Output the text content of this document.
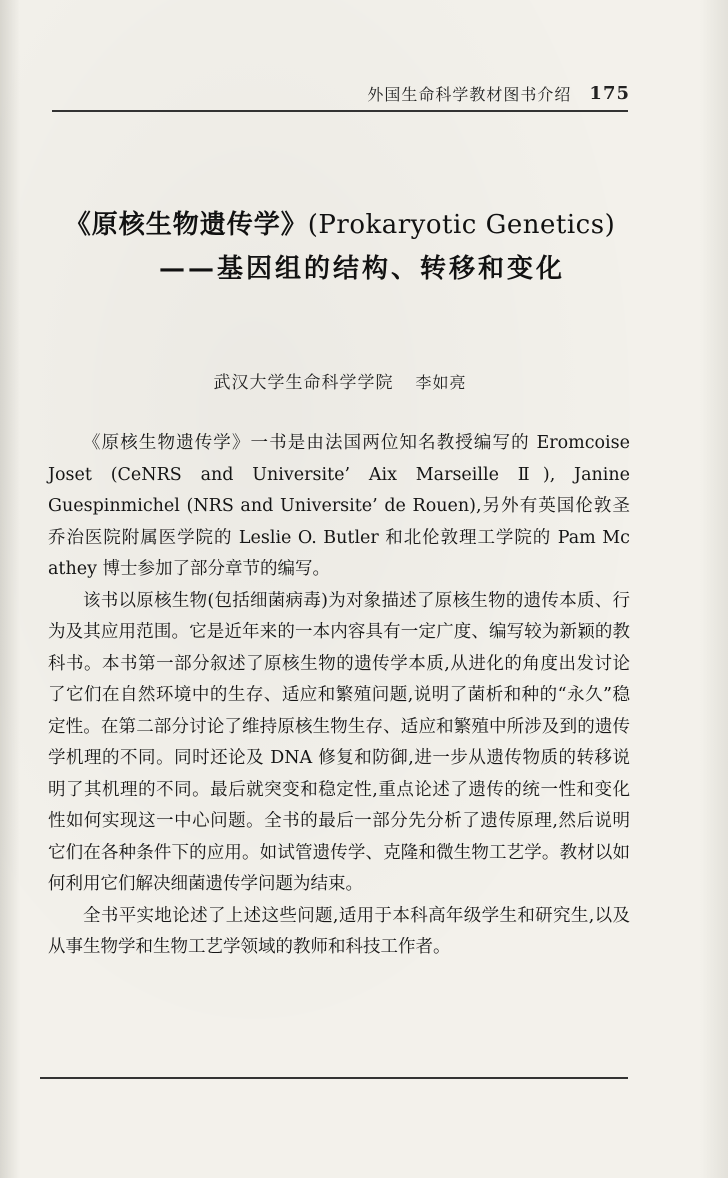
外国生命科学教材图书介绍 175
《原核生物遗传学》(Prokaryotic Genetics)
——基因组的结构、转移和变化
武汉大学生命科学学院 李如亮

《原核生物遗传学》一书是由法国两位知名教授编写的 Eromcoise Joset (CeNRS and Universite’ Aix Marseille Ⅱ), Janine Guespinmichel (NRS and Universite’ de Rouen),另外有英国伦敦圣乔治医院附属医学院的 Leslie O. Butler 和北伦敦理工学院的 Pam Mc athey 博士参加了部分章节的编写。

该书以原核生物(包括细菌病毒)为对象描述了原核生物的遗传本质、行为及其应用范围。它是近年来的一本内容具有一定广度、编写较为新颖的教科书。本书第一部分叙述了原核生物的遗传学本质,从进化的角度出发讨论了它们在自然环境中的生存、适应和繁殖问题,说明了菌析和种的“永久”稳定性。在第二部分讨论了维持原核生物生存、适应和繁殖中所涉及到的遗传学机理的不同。同时还论及 DNA 修复和防御,进一步从遗传物质的转移说明了其机理的不同。最后就突变和稳定性,重点论述了遗传的统一性和变化性如何实现这一中心问题。全书的最后一部分先分析了遗传原理,然后说明它们在各种条件下的应用。如试管遗传学、克隆和微生物工艺学。教材以如何利用它们解决细菌遗传学问题为结束。

全书平实地论述了上述这些问题,适用于本科高年级学生和研究生,以及从事生物学和生物工艺学领域的教师和科技工作者。
